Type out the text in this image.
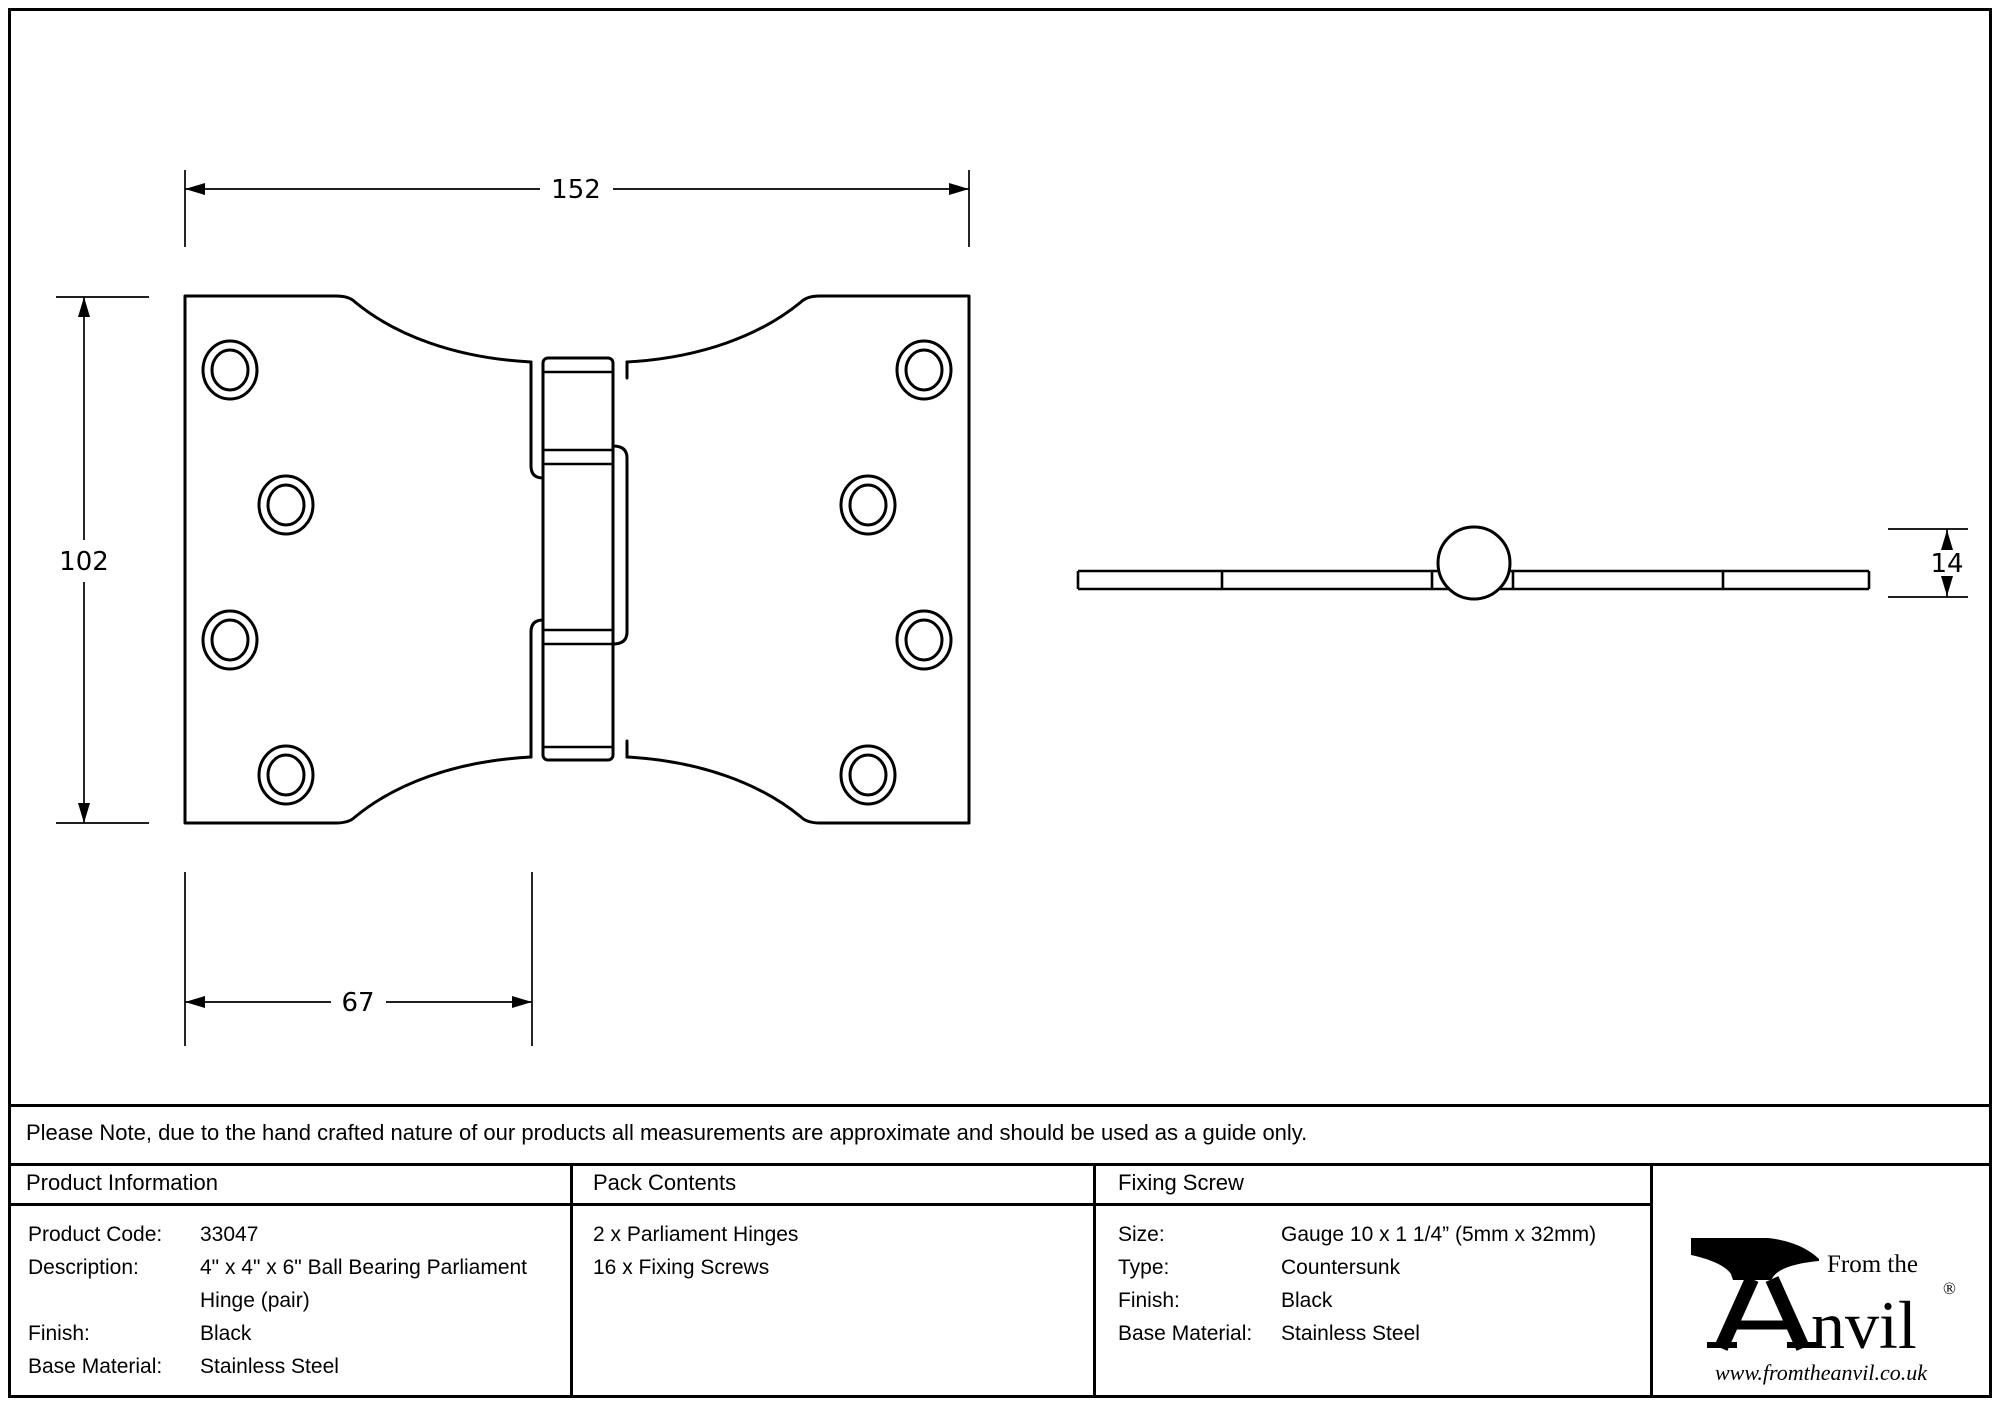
152
102
67
14
Please Note, due to the hand crafted nature of our products all measurements are approximate and should be used as a guide only.
Product Information	Pack Contents	Fixing Screw
Product Code: 33047
Description:	4" x 4" x 6" Ball Bearing Parliament
Hinge (pair)
Finish:	Black
Base Material: Stainless Steel
2 x Parliament Hinges
16 x Fixing Screws
Size:	Gauge 10 x 1 1/4” (5mm x 32mm)
Type:	Countersunk
Finish:	Black
Base Material: Stainless Steel
From the
nvil ®
www.fromtheanvil.co.uk
